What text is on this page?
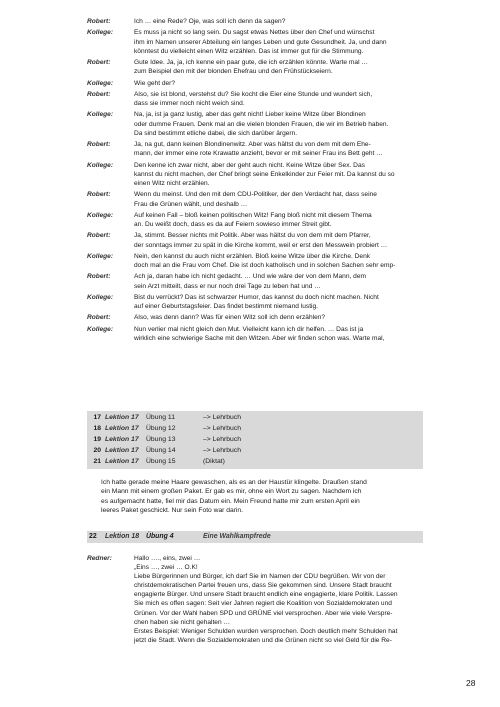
Robert:	Ich … eine Rede? Oje, was soll ich denn da sagen?
Kollege:	Es muss ja nicht so lang sein. Du sagst etwas Nettes über den Chef und wünschst
ihm im Namen unserer Abteilung ein langes Leben und gute Gesundheit. Ja, und dann
könntest du vielleicht einen Witz erzählen. Das ist immer gut für die Stimmung.
Robert:	Gute Idee. Ja, ja, ich kenne ein paar gute, die ich erzählen könnte. Warte mal …
zum Beispiel den mit der blonden Ehefrau und den Frühstückseiern.
Kollege:	Wie geht der?
Robert:	Also, sie ist blond, verstehst du? Sie kocht die Eier eine Stunde und wundert sich,
dass sie immer noch nicht weich sind.
Kollege:	Na, ja, ist ja ganz lustig, aber das geht nicht! Lieber keine Witze über Blondinen
oder dumme Frauen. Denk mal an die vielen blonden Frauen, die wir im Betrieb haben.
Da sind bestimmt etliche dabei, die sich darüber ärgern.
Robert:	Ja, na gut, dann keinen Blondinenwitz. Aber was hältst du von dem mit dem Ehe-
mann, der immer eine rote Krawatte anzieht, bevor er mit seiner Frau ins Bett geht …
Kollege:	Den kenne ich zwar nicht, aber der geht auch nicht. Keine Witze über Sex. Das
kannst du nicht machen, der Chef bringt seine Enkelkinder zur Feier mit. Da kannst du so
einen Witz nicht erzählen.
Robert:	Wenn du meinst. Und den mit dem CDU-Politiker, der den Verdacht hat, dass seine
Frau die Grünen wählt, und deshalb …
Kollege:	Auf keinen Fall – bloß keinen politischen Witz! Fang bloß nicht mit diesem Thema
an. Du weißt doch, dass es da auf Feiern sowieso immer Streit gibt.
Robert:	Ja, stimmt. Besser nichts mit Politik. Aber was hältst du von dem mit dem Pfarrer,
der sonntags immer zu spät in die Kirche kommt, weil er erst den Messwein probiert …
Kollege:	Nein, den kannst du auch nicht erzählen. Bloß keine Witze über die Kirche. Denk
doch mal an die Frau vom Chef. Die ist doch katholisch und in solchen Sachen sehr emp-
Robert:	Ach ja, daran habe ich nicht gedacht. … Und wie wäre der von dem Mann, dem
sein Arzt mitteilt, dass er nur noch drei Tage zu leben hat und …
Kollege:	Bist du verrückt? Das ist schwarzer Humor, das kannst du doch nicht machen. Nicht
auf einer Geburtstagsfeier. Das findet bestimmt niemand lustig.
Robert:	Also, was denn dann? Was für einen Witz soll ich denn erzählen?
Kollege:	Nun verlier mal nicht gleich den Mut. Vielleicht kann ich dir helfen. … Das ist ja
wirklich eine schwierige Sache mit den Witzen. Aber wir finden schon was. Warte mal,
17 Lektion 17 Übung 11	–> Lehrbuch
18 Lektion 17 Übung 12	–> Lehrbuch
19 Lektion 17 Übung 13	–> Lehrbuch
20 Lektion 17 Übung 14	–> Lehrbuch
21 Lektion 17 Übung 15	(Diktat)
Ich hatte gerade meine Haare gewaschen, als es an der Haustür klingelte. Draußen stand
ein Mann mit einem großen Paket. Er gab es mir, ohne ein Wort zu sagen. Nachdem ich
es aufgemacht hatte, fiel mir das Datum ein. Mein Freund hatte mir zum ersten April ein
leeres Paket geschickt. Nur sein Foto war darin.
22 Lektion 18 Übung 4	Eine Wahlkampfrede
Redner:	Hallo …., eins, zwei …
„Eins …, zwei … O.K!
Liebe Bürgerinnen und Bürger, ich darf Sie im Namen der CDU begrüßen. Wir von der
christdemokratischen Partei freuen uns, dass Sie gekommen sind. Unsere Stadt braucht
engagierte Bürger. Und unsere Stadt braucht endlich eine engagierte, klare Politik. Lassen
Sie mich es offen sagen: Seit vier Jahren regiert die Koalition von Sozialdemokraten und
Grünen. Vor der Wahl haben SPD und GRÜNE viel versprochen. Aber wie viele Verspre-
chen haben sie nicht gehalten …
Erstes Beispiel: Weniger Schulden wurden versprochen. Doch deutlich mehr Schulden hat
jetzt die Stadt. Wenn die Sozialdemokraten und die Grünen nicht so viel Geld für die Re-
28
